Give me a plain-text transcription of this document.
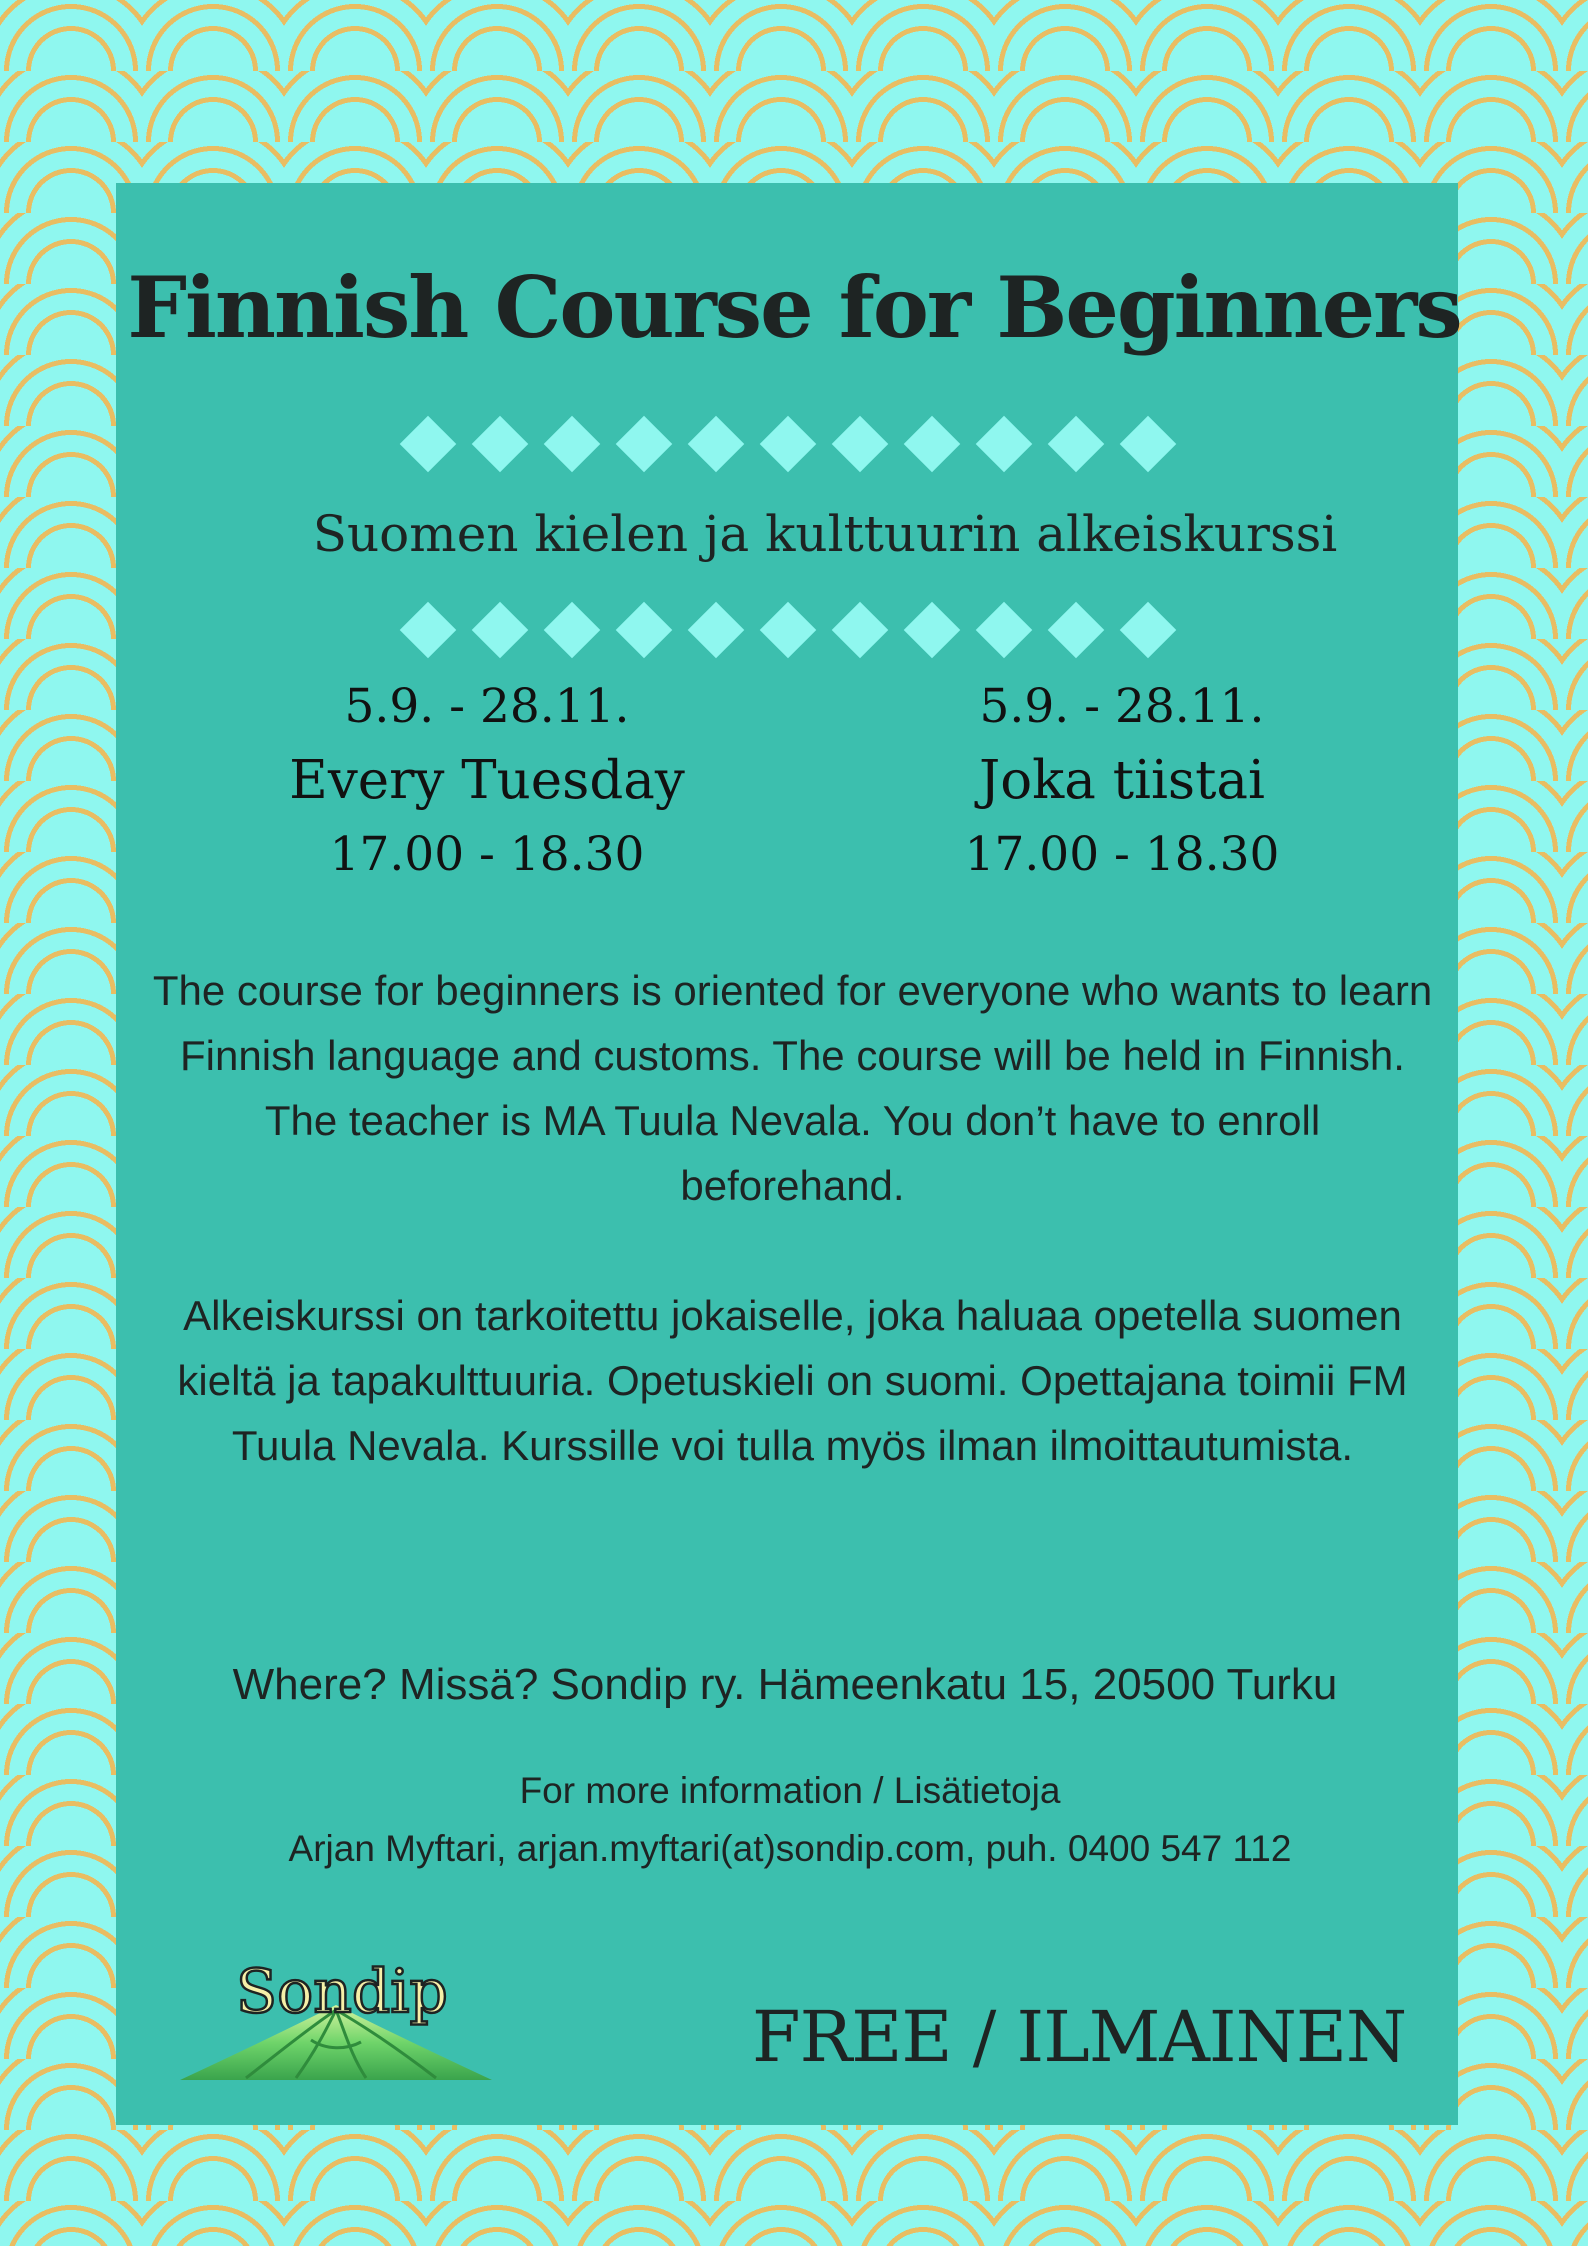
Finnish Course for Beginners

Suomen kielen ja kulttuurin alkeiskurssi

5.9. - 28.11.
Every Tuesday
17.00 - 18.30
5.9. - 28.11.
Joka tiistai
17.00 - 18.30

The course for beginners is oriented for everyone who wants to learn Finnish language and customs. The course will be held in Finnish. The teacher is MA Tuula Nevala. You don’t have to enroll beforehand.

Alkeiskurssi on tarkoitettu jokaiselle, joka haluaa opetella suomen kieltä ja tapakulttuuria. Opetuskieli on suomi. Opettajana toimii FM Tuula Nevala. Kurssille voi tulla myös ilman ilmoittautumista.

Where? Missä? Sondip ry. Hämeenkatu 15, 20500 Turku

For more information / Lisätietoja
Arjan Myftari, arjan.myftari(at)sondip.com, puh. 0400 547 112
Sondip

FREE / ILMAINEN
